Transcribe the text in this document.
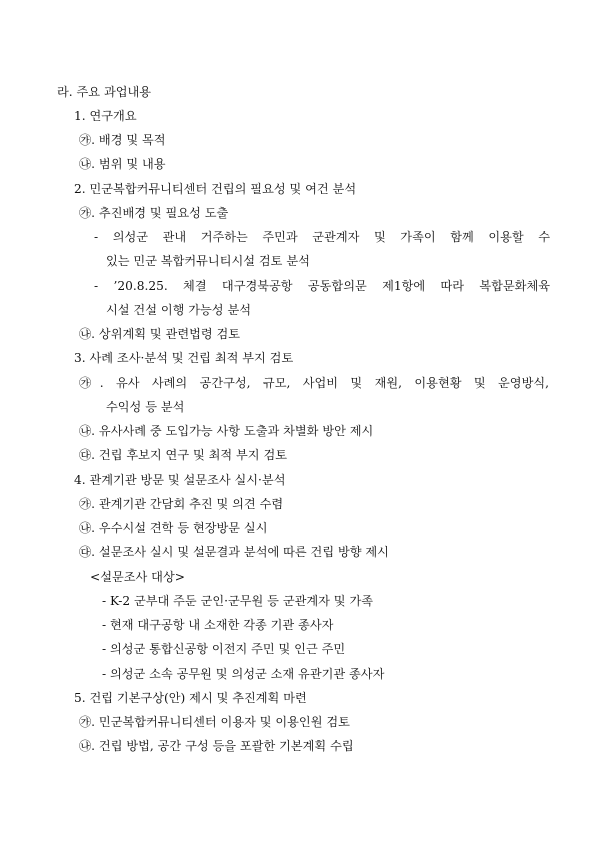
라. 주요 과업내용
1. 연구개요
㉮. 배경 및 목적
㉯. 범위 및 내용
2. 민군복합커뮤니티센터 건립의 필요성 및 여건 분석
㉮. 추진배경 및 필요성 도출
- 의성군 관내 거주하는 주민과 군관계자 및 가족이 함께 이용할 수
있는 민군 복합커뮤니티시설 검토 분석
- ’20.8.25. 체결 대구경북공항 공동합의문 제1항에 따라 복합문화체육
시설 건설 이행 가능성 분석
㉯. 상위계획 및 관련법령 검토
3. 사례 조사·분석 및 건립 최적 부지 검토
㉮. 유사 사례의 공간구성, 규모, 사업비 및 재원, 이용현황 및 운영방식,
수익성 등 분석
㉯. 유사사례 중 도입가능 사항 도출과 차별화 방안 제시
㉰. 건립 후보지 연구 및 최적 부지 검토
4. 관계기관 방문 및 설문조사 실시·분석
㉮. 관계기관 간담회 추진 및 의견 수렴
㉯. 우수시설 견학 등 현장방문 실시
㉰. 설문조사 실시 및 설문결과 분석에 따른 건립 방향 제시
<설문조사 대상>
- K-2 군부대 주둔 군인·군무원 등 군관계자 및 가족
- 현재 대구공항 내 소재한 각종 기관 종사자
- 의성군 통합신공항 이전지 주민 및 인근 주민
- 의성군 소속 공무원 및 의성군 소재 유관기관 종사자
5. 건립 기본구상(안) 제시 및 추진계획 마련
㉮. 민군복합커뮤니티센터 이용자 및 이용인원 검토
㉯. 건립 방법, 공간 구성 등을 포괄한 기본계획 수립
